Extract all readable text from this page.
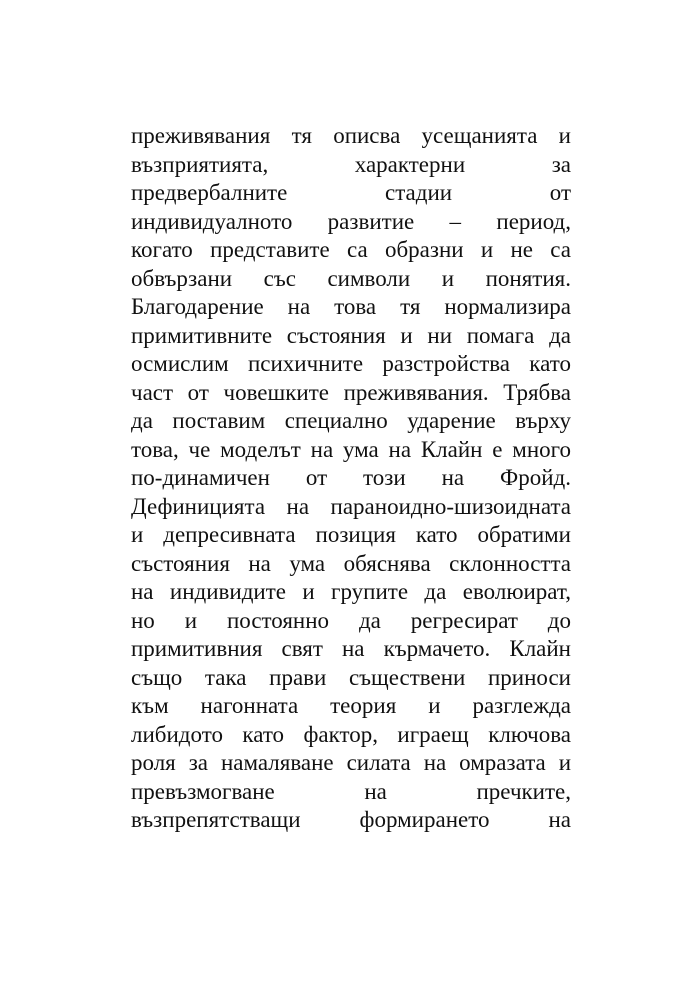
преживявания тя описва усещанията и
възприятията, характерни за
предвербалните стадии от
индивидуалното развитие – период,
когато представите са образни и не са
обвързани със символи и понятия.
Благодарение на това тя нормализира
примитивните състояния и ни помага да
осмислим психичните разстройства като
част от човешките преживявания. Трябва
да поставим специално ударение върху
това, че моделът на ума на Клайн е много
по-динамичен от този на Фройд.
Дефиницията на параноидно-шизоидната
и депресивната позиция като обратими
състояния на ума обяснява склонността
на индивидите и групите да еволюират,
но и постоянно да регресират до
примитивния свят на кърмачето. Клайн
също така прави съществени приноси
към нагонната теория и разглежда
либидото като фактор, играещ ключова
роля за намаляване силата на омразата и
превъзмогване на пречките,
възпрепятстващи формирането на
